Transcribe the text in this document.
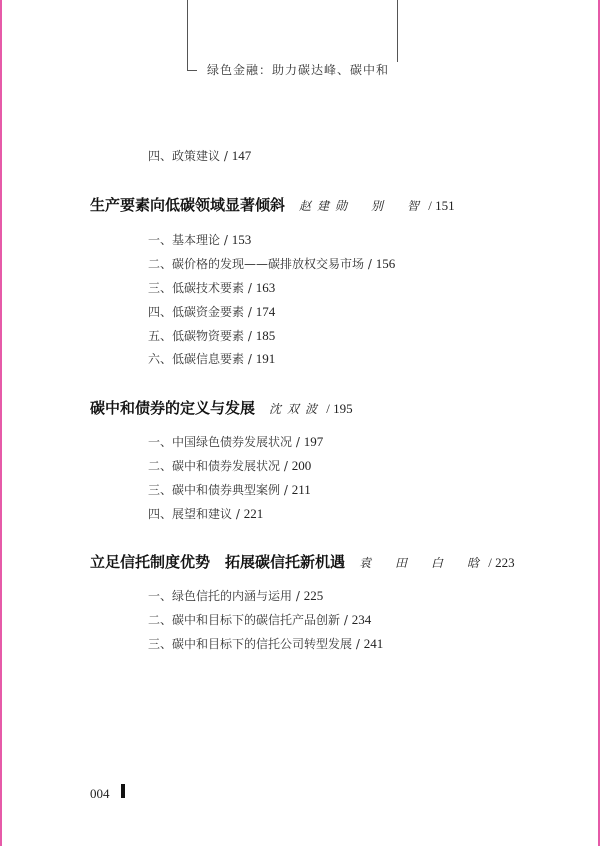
绿色金融：助力碳达峰、碳中和
四、政策建议 / 147
生产要素向低碳领域显著倾斜 赵建勋　别　智 / 151
一、基本理论 / 153
二、碳价格的发现——碳排放权交易市场 / 156
三、低碳技术要素 / 163
四、低碳资金要素 / 174
五、低碳物资要素 / 185
六、低碳信息要素 / 191
碳中和债券的定义与发展 沈双波 / 195
一、中国绿色债券发展状况 / 197
二、碳中和债券发展状况 / 200
三、碳中和债券典型案例 / 211
四、展望和建议 / 221
立足信托制度优势　拓展碳信托新机遇 袁　田　白　晗 / 223
一、绿色信托的内涵与运用 / 225
二、碳中和目标下的碳信托产品创新 / 234
三、碳中和目标下的信托公司转型发展 / 241
004
